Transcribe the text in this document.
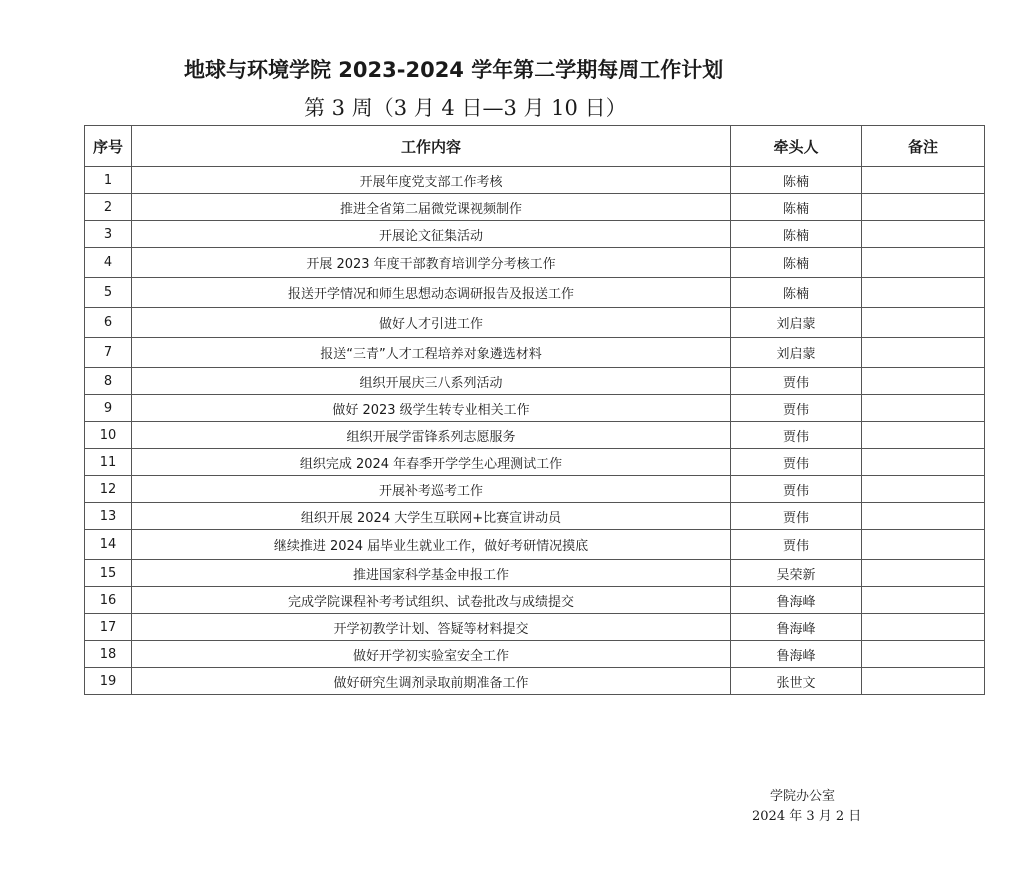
地球与环境学院 2023-2024 学年第二学期每周工作计划
第 3 周（3 月 4 日—3 月 10 日）
序号	工作内容	牵头人	备注
1	开展年度党支部工作考核	陈楠	
2	推进全省第二届微党课视频制作	陈楠	
3	开展论文征集活动	陈楠	
4	开展 2023 年度干部教育培训学分考核工作	陈楠	
5	报送开学情况和师生思想动态调研报告及报送工作	陈楠	
6	做好人才引进工作	刘启蒙	
7	报送“三青”人才工程培养对象遴选材料	刘启蒙	
8	组织开展庆三八系列活动	贾伟	
9	做好 2023 级学生转专业相关工作	贾伟	
10	组织开展学雷锋系列志愿服务	贾伟	
11	组织完成 2024 年春季开学学生心理测试工作	贾伟	
12	开展补考巡考工作	贾伟	
13	组织开展 2024 大学生互联网+比赛宣讲动员	贾伟	
14	继续推进 2024 届毕业生就业工作，做好考研情况摸底	贾伟	
15	推进国家科学基金申报工作	吴荣新	
16	完成学院课程补考考试组织、试卷批改与成绩提交	鲁海峰	
17	开学初教学计划、答疑等材料提交	鲁海峰	
18	做好开学初实验室安全工作	鲁海峰	
19	做好研究生调剂录取前期准备工作	张世文	
学院办公室
2024 年 3 月 2 日
